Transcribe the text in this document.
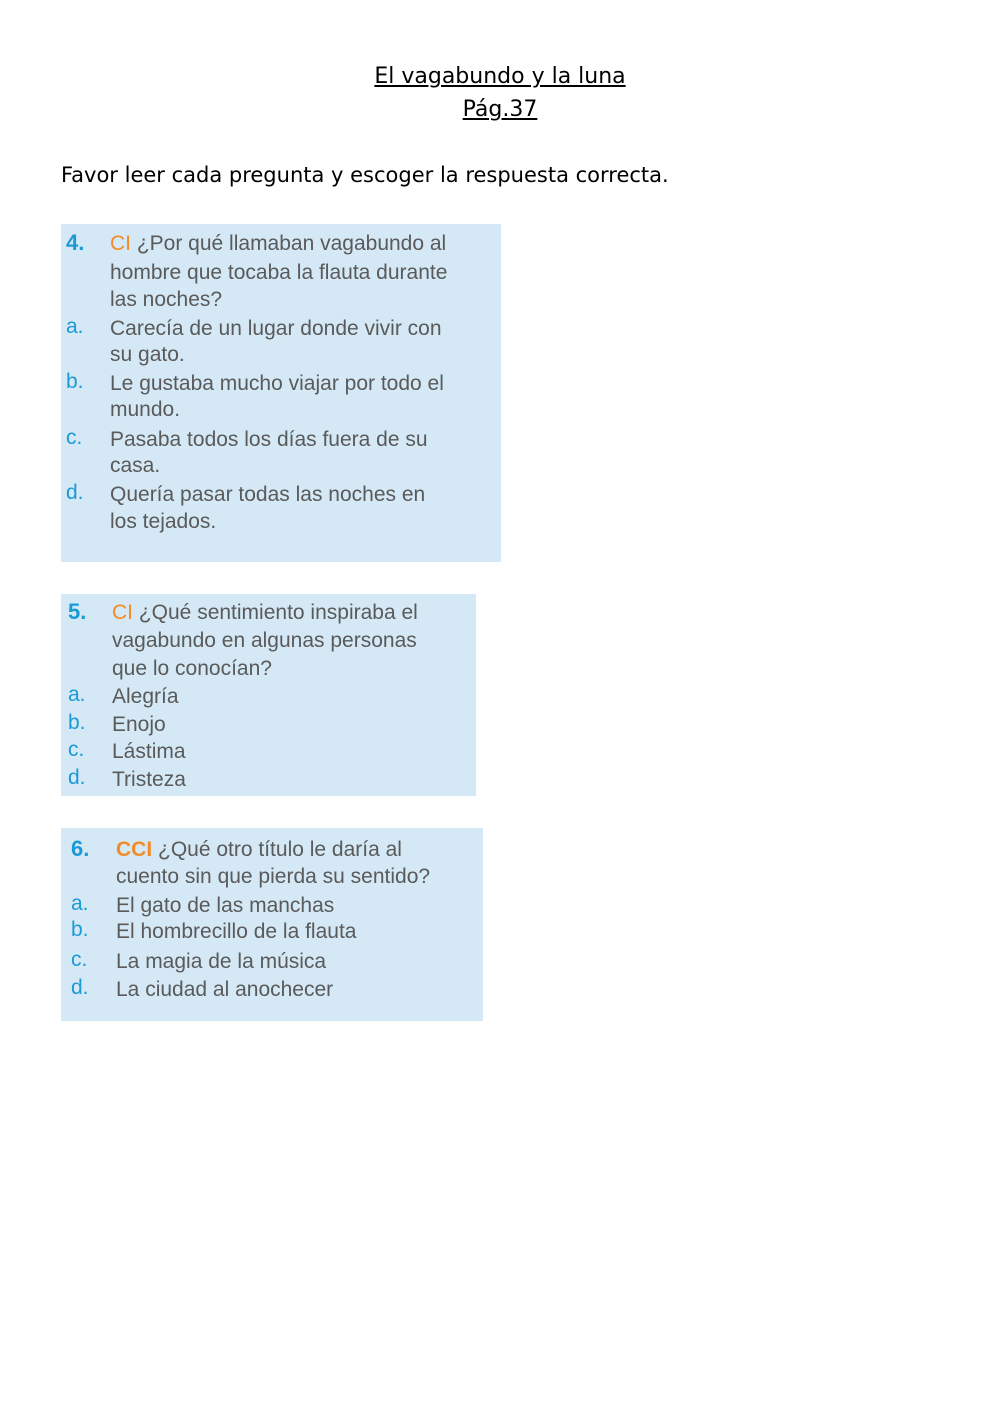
El vagabundo y la luna
Pág.37
Favor leer cada pregunta y escoger la respuesta correcta.
4. CI ¿Por qué llamaban vagabundo al
hombre que tocaba la flauta durante
las noches?
a. Carecía de un lugar donde vivir con
su gato.
b. Le gustaba mucho viajar por todo el
mundo.
c. Pasaba todos los días fuera de su
casa.
d. Quería pasar todas las noches en
los tejados.
5. CI ¿Qué sentimiento inspiraba el
vagabundo en algunas personas
que lo conocían?
a. Alegría
b. Enojo
c. Lástima
d. Tristeza
6. CCI ¿Qué otro título le daría al
cuento sin que pierda su sentido?
a. El gato de las manchas
b. El hombrecillo de la flauta
c. La magia de la música
d. La ciudad al anochecer
